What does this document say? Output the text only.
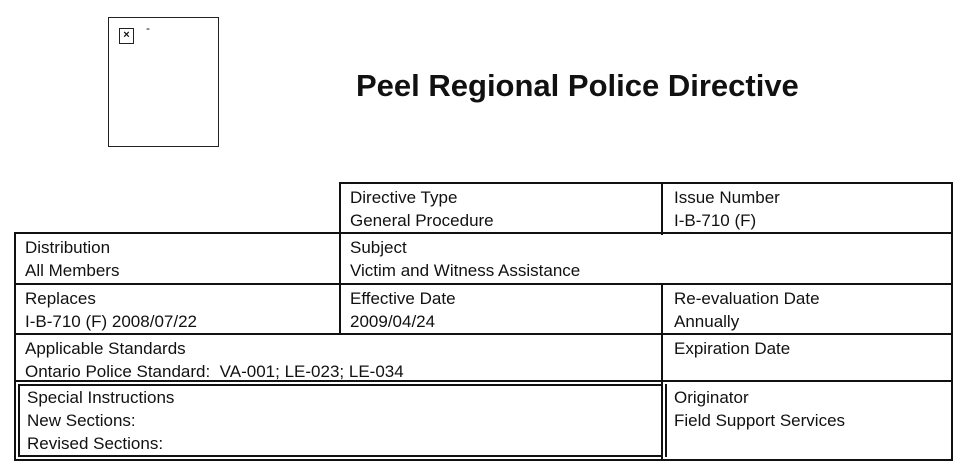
×	-
Peel Regional Police Directive
Directive Type
General Procedure
Issue Number
I-B-710 (F)
Distribution
All Members
Subject
Victim and Witness Assistance
Replaces
I-B-710 (F) 2008/07/22
Effective Date
2009/04/24
Re-evaluation Date
Annually
Applicable Standards
Ontario Police Standard: VA-001; LE-023; LE-034
Expiration Date
Special Instructions
New Sections:
Revised Sections:
Originator
Field Support Services
